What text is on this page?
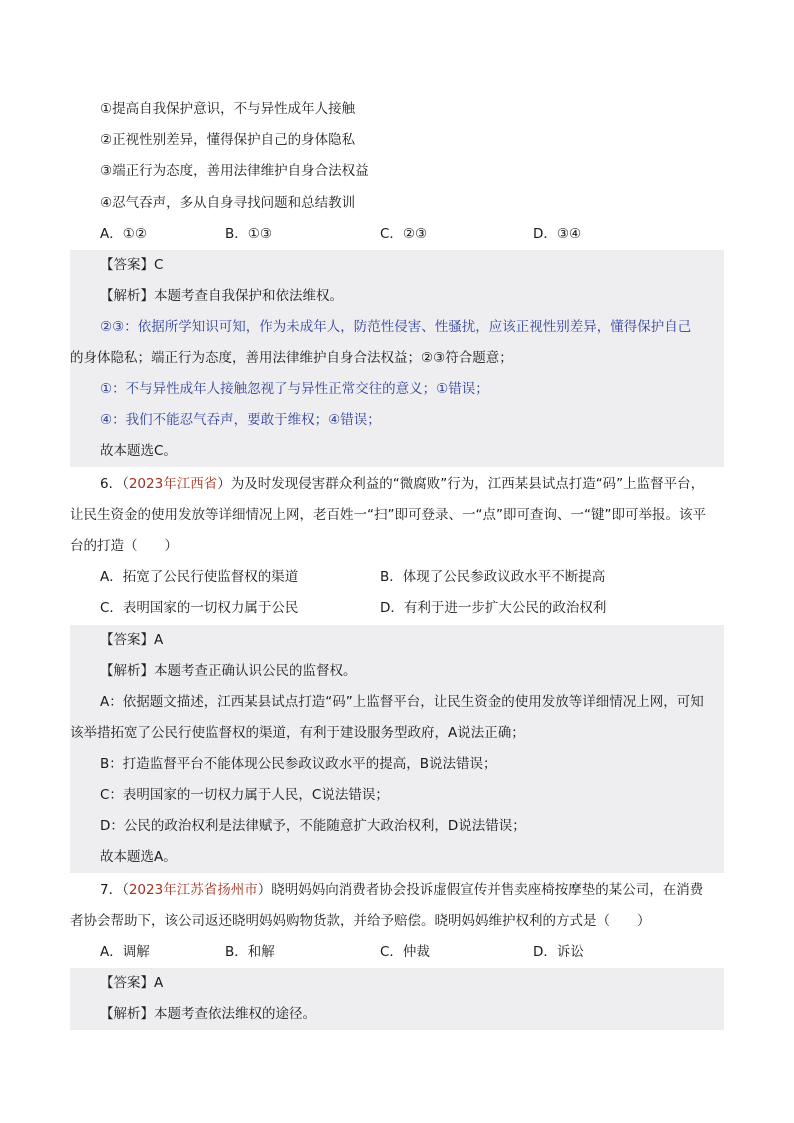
①提高自我保护意识，不与异性成年人接触
②正视性别差异，懂得保护自己的身体隐私
③端正行为态度，善用法律维护自身合法权益
④忍气吞声，多从自身寻找问题和总结教训
A．①②	B．①③	C．②③	D．③④
【答案】C
【解析】本题考查自我保护和依法维权。
②③：依据所学知识可知，作为未成年人，防范性侵害、性骚扰，应该正视性别差异，懂得保护自己
的身体隐私；端正行为态度，善用法律维护自身合法权益；②③符合题意；
①：不与异性成年人接触忽视了与异性正常交往的意义；①错误；
④：我们不能忍气吞声，要敢于维权；④错误；
故本题选C。
6．（2023年江西省）为及时发现侵害群众利益的“微腐败”行为，江西某县试点打造“码”上监督平台，
让民生资金的使用发放等详细情况上网，老百姓一“扫”即可登录、一“点”即可查询、一“键”即可举报。该平
台的打造（　　）
A．拓宽了公民行使监督权的渠道	B．体现了公民参政议政水平不断提高
C．表明国家的一切权力属于公民	D．有利于进一步扩大公民的政治权利
【答案】A
【解析】本题考查正确认识公民的监督权。
A：依据题文描述，江西某县试点打造“码”上监督平台，让民生资金的使用发放等详细情况上网，可知
该举措拓宽了公民行使监督权的渠道，有利于建设服务型政府，A说法正确；
B：打造监督平台不能体现公民参政议政水平的提高，B说法错误；
C：表明国家的一切权力属于人民，C说法错误；
D：公民的政治权利是法律赋予，不能随意扩大政治权利，D说法错误；
故本题选A。
7．（2023年江苏省扬州市）晓明妈妈向消费者协会投诉虚假宣传并售卖座椅按摩垫的某公司，在消费
者协会帮助下，该公司返还晓明妈妈购物货款，并给予赔偿。晓明妈妈维护权利的方式是（　　）
A．调解	B．和解	C．仲裁	D．诉讼
【答案】A
【解析】本题考查依法维权的途径。
